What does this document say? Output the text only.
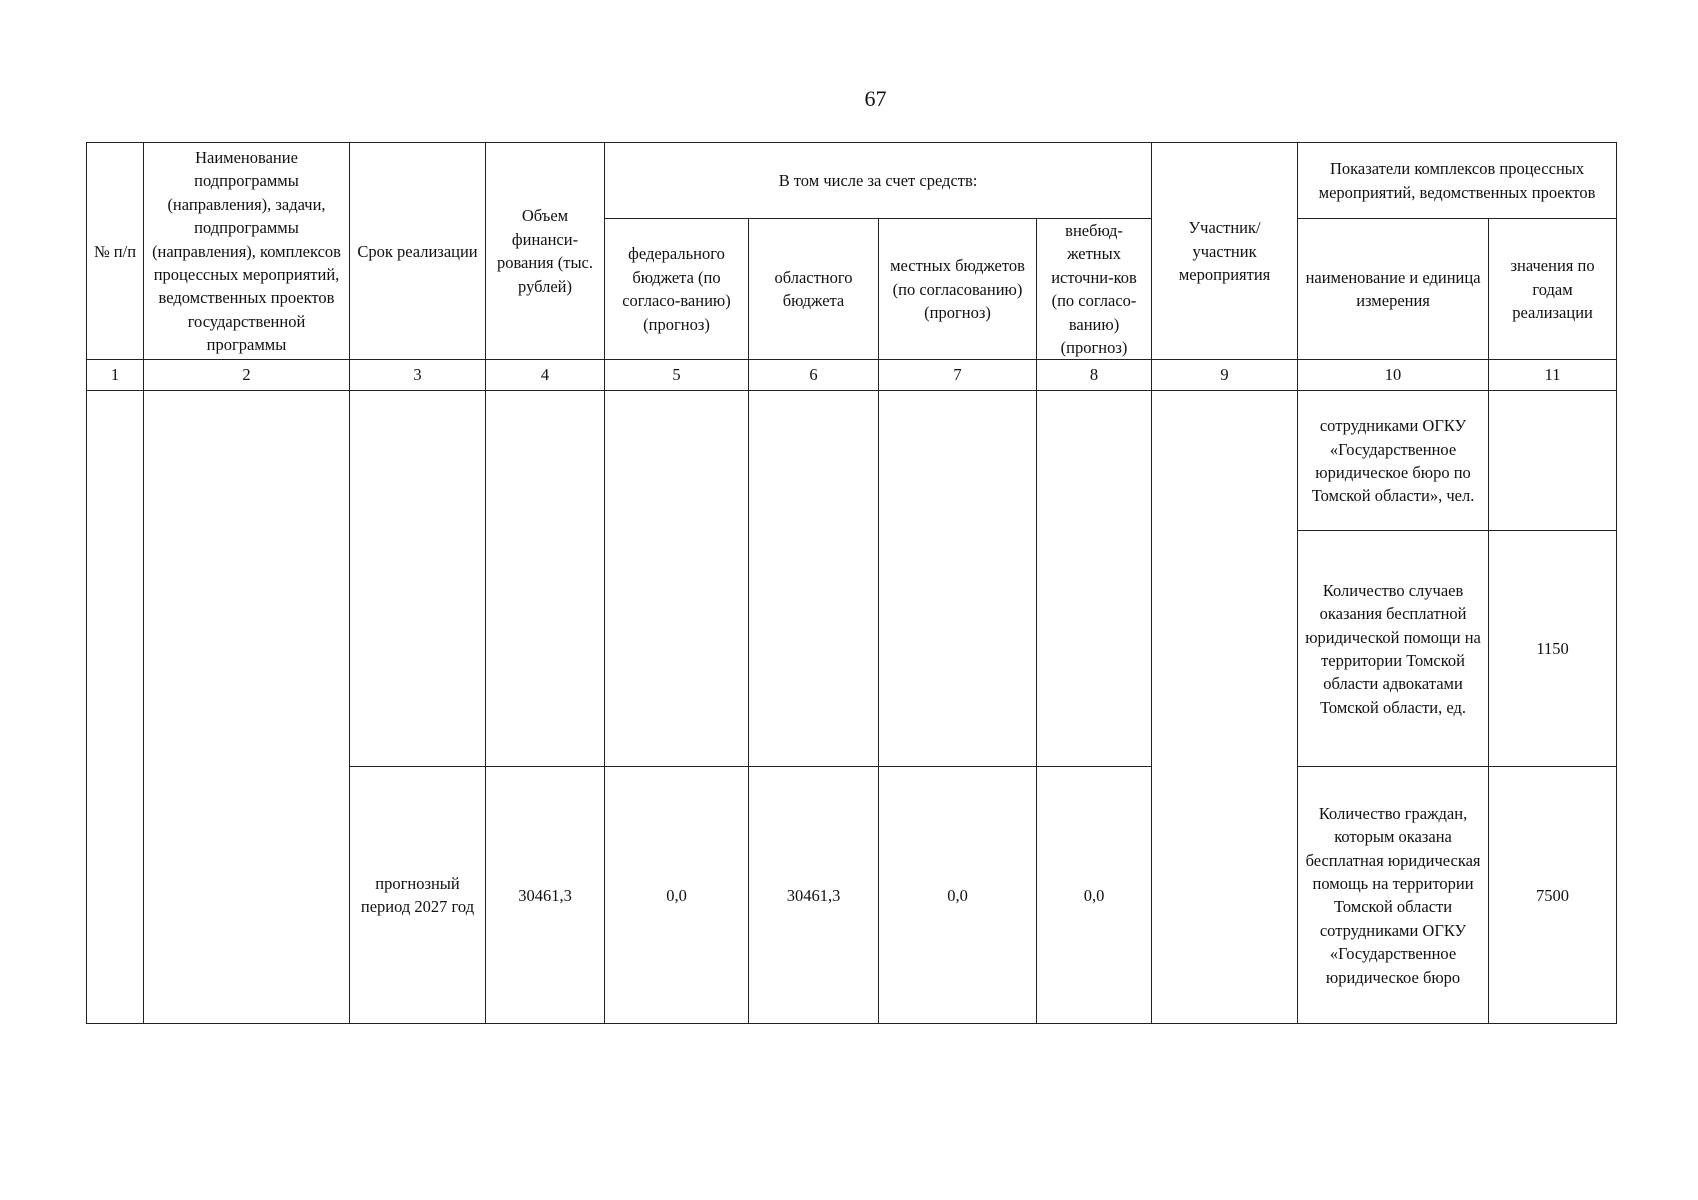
67
№ п/п	Наименование подпрограммы (направления), задачи, подпрограммы (направления), комплексов процессных мероприятий, ведомственных проектов государственной программы	Срок реализации	Объем финанси-рования (тыс. рублей)	В том числе за счет средств:				Участник/ участник мероприятия	Показатели комплексов процессных мероприятий, ведомственных проектов	
				федерального бюджета (по согласо-ванию) (прогноз)	областного бюджета	местных бюджетов (по согласованию) (прогноз)	внебюд-жетных источни-ков (по согласо-ванию) (прогноз)			
									наименование и единица измерения	значения по годам реализации
1	2	3	4	5	6	7	8	9	10	11
									сотрудниками ОГКУ «Государственное юридическое бюро по Томской области», чел.	
									Количество случаев оказания бесплатной юридической помощи на территории Томской области адвокатами Томской области, ед.	1150
		прогнозный период 2027 год	30461,3	0,0	30461,3	0,0	0,0		Количество граждан, которым оказана бесплатная юридическая помощь на территории Томской области сотрудниками ОГКУ «Государственное юридическое бюро	7500
